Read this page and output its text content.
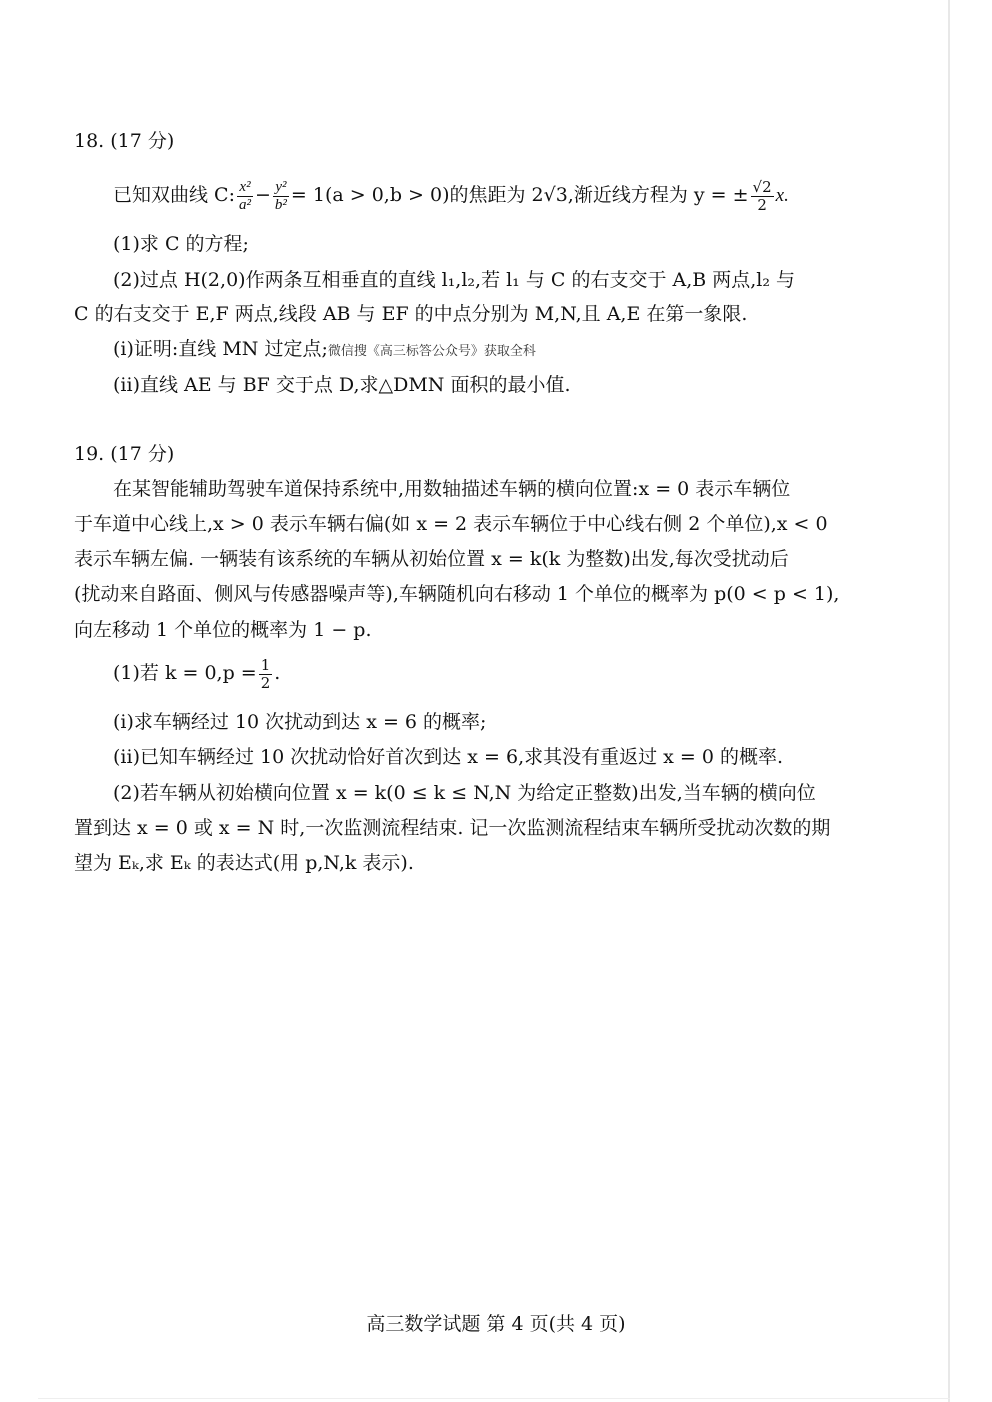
18. (17 分)
已知双曲线 C: $\frac{\text{x²}}{\text{a²}} - \frac{\text{y²}}{\text{b²}} = 1(a > 0,b > 0)$的焦距为 2√3,渐近线方程为 y = ± $\frac{√2}{2} x$.
(1)求 C 的方程;
(2)过点 H(2,0)作两条互相垂直的直线 l₁,l₂,若 l₁ 与 C 的右支交于 A,B 两点,l₂ 与
C 的右支交于 E,F 两点,线段 AB 与 EF 的中点分别为 M,N,且 A,E 在第一象限.
(i)证明:直线 MN 过定点;微信搜《高三标答公众号》获取全科
(ii)直线 AE 与 BF 交于点 D,求△DMN 面积的最小值.
19. (17 分)
在某智能辅助驾驶车道保持系统中,用数轴描述车辆的横向位置:x = 0 表示车辆位
于车道中心线上,x > 0 表示车辆右偏(如 x = 2 表示车辆位于中心线右侧 2 个单位),x < 0
表示车辆左偏. 一辆装有该系统的车辆从初始位置 x = k(k 为整数)出发,每次受扰动后
(扰动来自路面、侧风与传感器噪声等),车辆随机向右移动 1 个单位的概率为 p(0 < p < 1),
向左移动 1 个单位的概率为 1 − p.
(1)若 $k = 0,p = \frac{1}{2}$ .
(i)求车辆经过 10 次扰动到达 x = 6 的概率;
(ii)已知车辆经过 10 次扰动恰好首次到达 x = 6,求其没有重返过 x = 0 的概率.
(2)若车辆从初始横向位置 x = k(0 ≤ k ≤ N,N 为给定正整数)出发,当车辆的横向位
置到达 x = 0 或 x = N 时,一次监测流程结束. 记一次监测流程结束车辆所受扰动次数的期
望为 Eₖ,求 Eₖ 的表达式(用 p,N,k 表示).
高三数学试题 第 4 页(共 4 页)
